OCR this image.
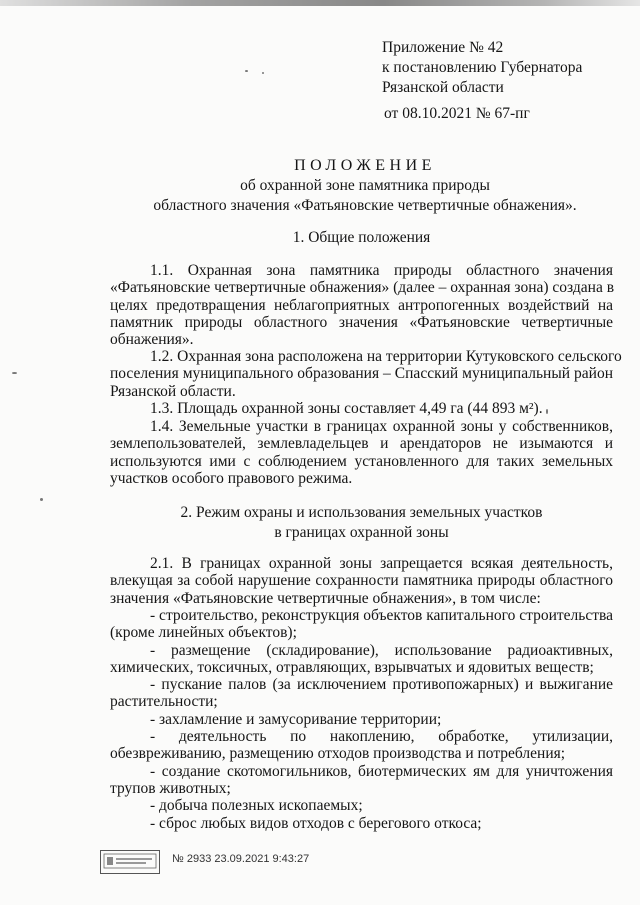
Приложение № 42
к постановлению Губернатора
Рязанской области
от 08.10.2021 № 67-пг
ПОЛОЖЕНИЕ
об охранной зоне памятника природы
областного значения «Фатьяновские четвертичные обнажения».
1. Общие положения
1.1. Охранная зона памятника природы областного значения
«Фатьяновские четвертичные обнажения» (далее – охранная зона) создана в
целях предотвращения неблагоприятных антропогенных воздействий на
памятник природы областного значения «Фатьяновские четвертичные
обнажения».
1.2. Охранная зона расположена на территории Кутуковского сельского
поселения муниципального образования – Спасский муниципальный район
Рязанской области.
1.3. Площадь охранной зоны составляет 4,49 га (44 893 м²).
1.4. Земельные участки в границах охранной зоны у собственников,
землепользователей, землевладельцев и арендаторов не изымаются и
используются ими с соблюдением установленного для таких земельных
участков особого правового режима.
2. Режим охраны и использования земельных участков
в границах охранной зоны
2.1. В границах охранной зоны запрещается всякая деятельность,
влекущая за собой нарушение сохранности памятника природы областного
значения «Фатьяновские четвертичные обнажения», в том числе:
- строительство, реконструкция объектов капитального строительства
(кроме линейных объектов);
- размещение (складирование), использование радиоактивных,
химических, токсичных, отравляющих, взрывчатых и ядовитых веществ;
- пускание палов (за исключением противопожарных) и выжигание
растительности;
- захламление и замусоривание территории;
- деятельность по накоплению, обработке, утилизации,
обезвреживанию, размещению отходов производства и потребления;
- создание скотомогильников, биотермических ям для уничтожения
трупов животных;
- добыча полезных ископаемых;
- сброс любых видов отходов с берегового откоса;
№ 2933 23.09.2021 9:43:27
